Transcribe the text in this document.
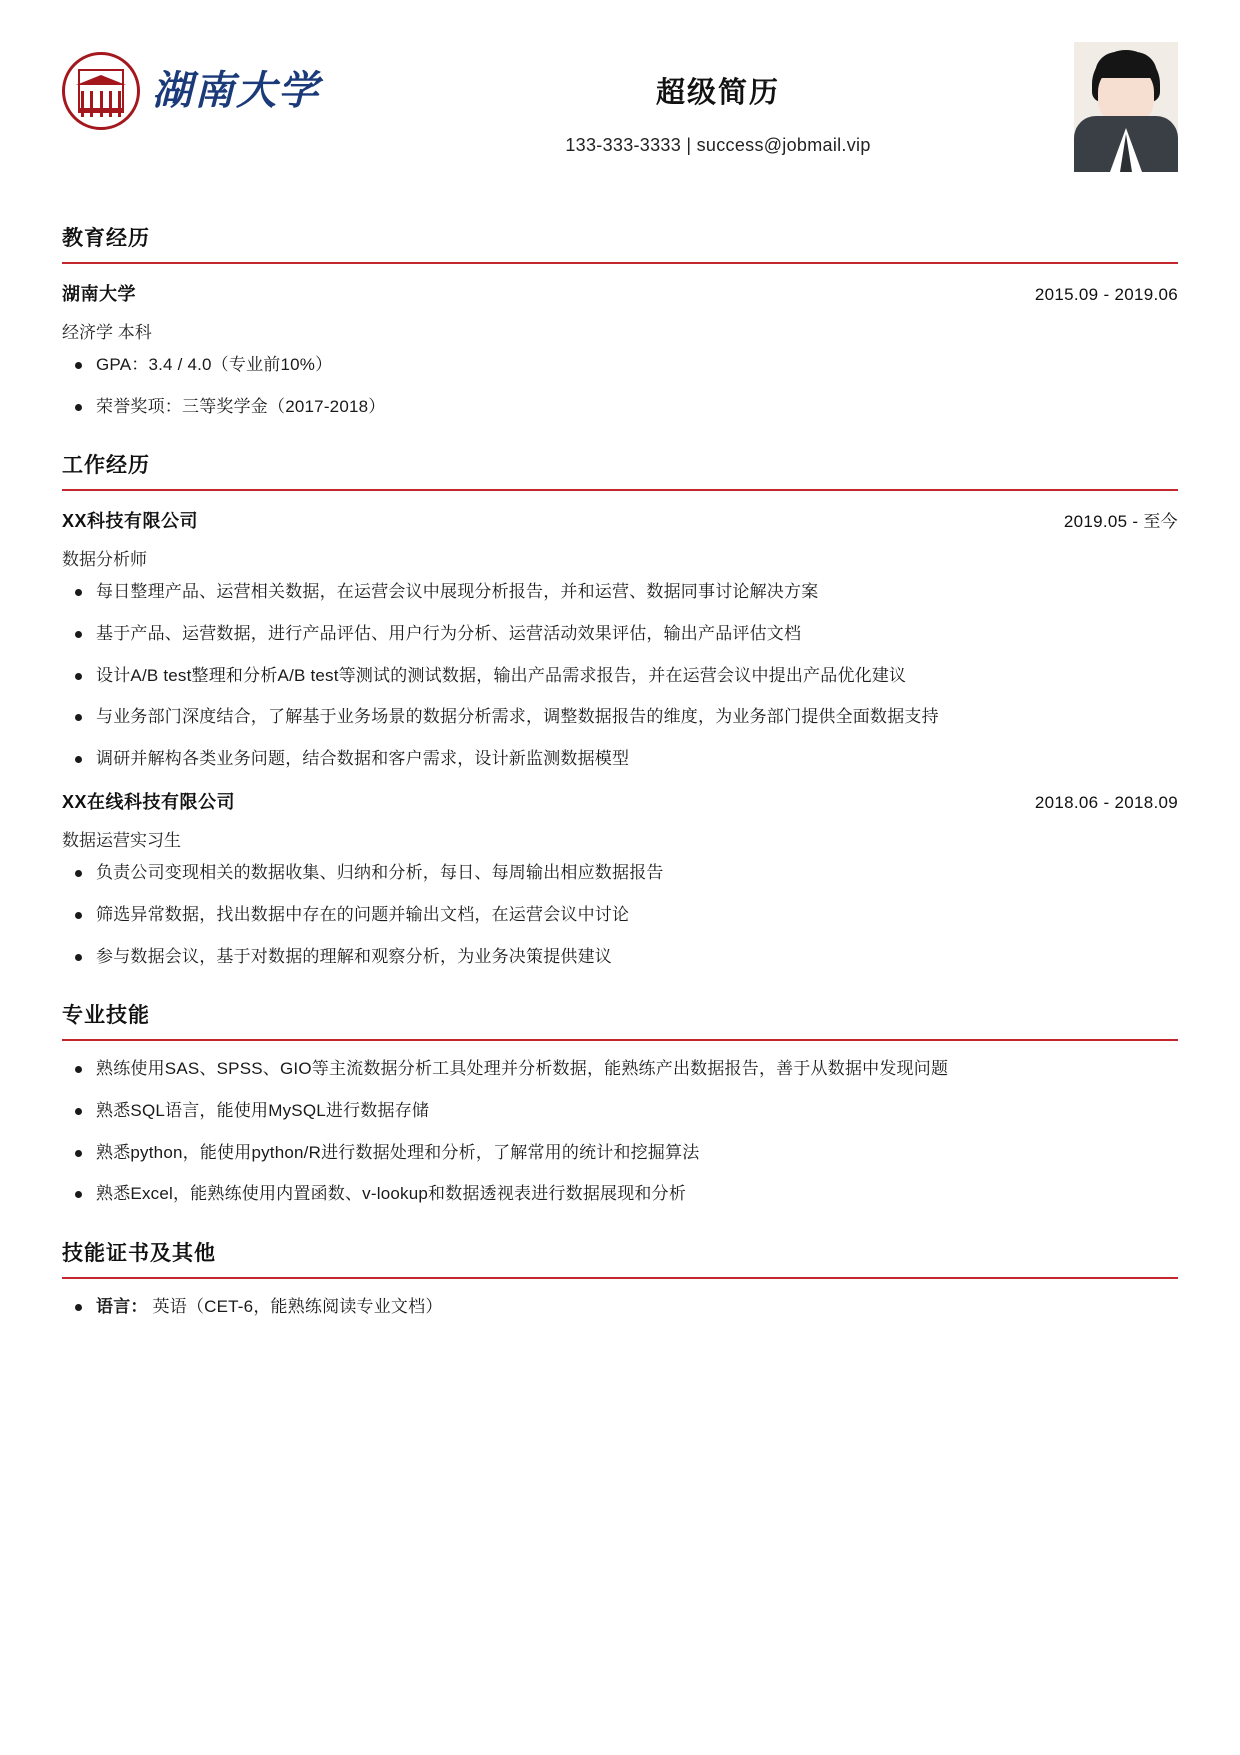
湖南大学	超级简历
133-333-3333 | success@jobmail.vip
教育经历
湖南大学	2015.09 - 2019.06
经济学 本科
GPA：3.4 / 4.0（专业前10%）
荣誉奖项：三等奖学金（2017-2018）
工作经历
XX科技有限公司	2019.05 - 至今
数据分析师
每日整理产品、运营相关数据，在运营会议中展现分析报告，并和运营、数据同事讨论解决方案
基于产品、运营数据，进行产品评估、用户行为分析、运营活动效果评估，输出产品评估文档
设计A/B test整理和分析A/B test等测试的测试数据，输出产品需求报告，并在运营会议中提出产品优化建议
与业务部门深度结合，了解基于业务场景的数据分析需求，调整数据报告的维度，为业务部门提供全面数据支持
调研并解构各类业务问题，结合数据和客户需求，设计新监测数据模型
XX在线科技有限公司	2018.06 - 2018.09
数据运营实习生
负责公司变现相关的数据收集、归纳和分析，每日、每周输出相应数据报告
筛选异常数据，找出数据中存在的问题并输出文档，在运营会议中讨论
参与数据会议，基于对数据的理解和观察分析，为业务决策提供建议
专业技能
熟练使用SAS、SPSS、GIO等主流数据分析工具处理并分析数据，能熟练产出数据报告，善于从数据中发现问题
熟悉SQL语言，能使用MySQL进行数据存储
熟悉python，能使用python/R进行数据处理和分析，了解常用的统计和挖掘算法
熟悉Excel，能熟练使用内置函数、v-lookup和数据透视表进行数据展现和分析
技能证书及其他
语言： 英语（CET-6，能熟练阅读专业文档）
